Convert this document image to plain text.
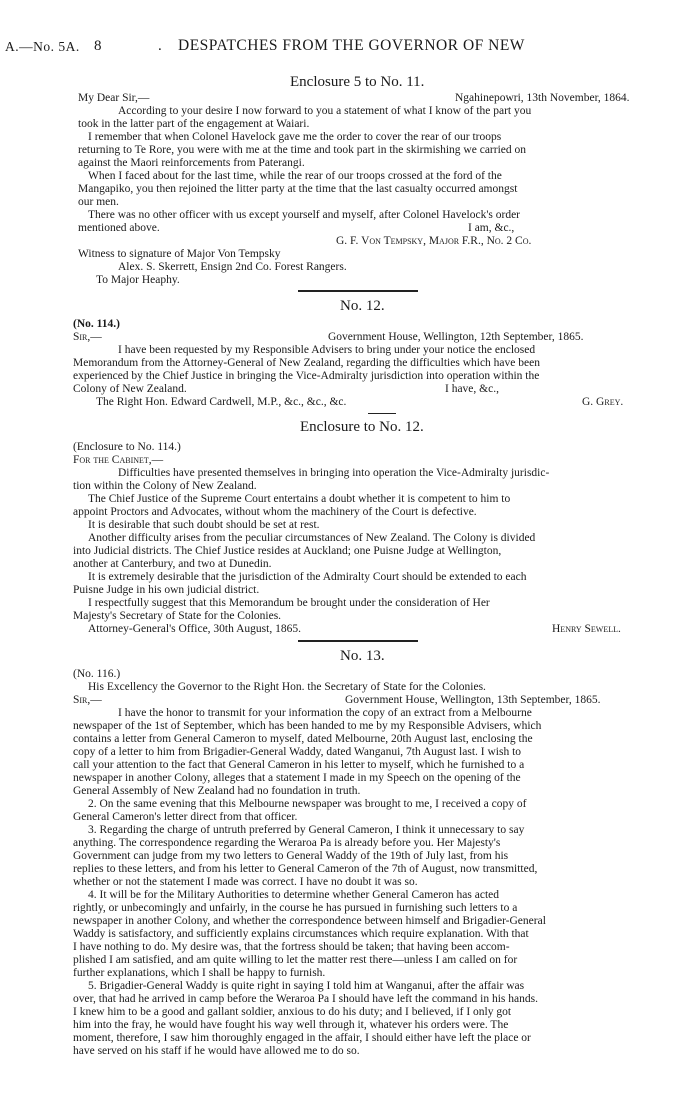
A.—No. 5A. 8	. DESPATCHES FROM THE GOVERNOR OF NEW

Enclosure 5 to No. 11.

My Dear Sir,—	Ngahinepowri, 13th November, 1864.

According to your desire I now forward to you a statement of what I know of the part you

took in the latter part of the engagement at Waiari.

I remember that when Colonel Havelock gave me the order to cover the rear of our troops

returning to Te Rore, you were with me at the time and took part in the skirmishing we carried on

against the Maori reinforcements from Paterangi.

When I faced about for the last time, while the rear of our troops crossed at the ford of the

Mangapiko, you then rejoined the litter party at the time that the last casualty occurred amongst

our men.

There was no other officer with us except yourself and myself, after Colonel Havelock's order

mentioned above.	I am, &c.,

G. F. Von Tempsky, Major F.R., No. 2 Co.

Witness to signature of Major Von Tempsky

Alex. S. Skerrett, Ensign 2nd Co. Forest Rangers.

To Major Heaphy.

No. 12.

(No. 114.)

Sir,—	Government House, Wellington, 12th September, 1865.

I have been requested by my Responsible Advisers to bring under your notice the enclosed

Memorandum from the Attorney-General of New Zealand, regarding the difficulties which have been

experienced by the Chief Justice in bringing the Vice-Admiralty jurisdiction into operation within the

Colony of New Zealand.	I have, &c.,

The Right Hon. Edward Cardwell, M.P., &c., &c., &c.	G. Grey.

Enclosure to No. 12.

(Enclosure to No. 114.)

For the Cabinet,—

Difficulties have presented themselves in bringing into operation the Vice-Admiralty jurisdic-

tion within the Colony of New Zealand.

The Chief Justice of the Supreme Court entertains a doubt whether it is competent to him to

appoint Proctors and Advocates, without whom the machinery of the Court is defective.

It is desirable that such doubt should be set at rest.

Another difficulty arises from the peculiar circumstances of New Zealand. The Colony is divided

into Judicial districts. The Chief Justice resides at Auckland; one Puisne Judge at Wellington,

another at Canterbury, and two at Dunedin.

It is extremely desirable that the jurisdiction of the Admiralty Court should be extended to each

Puisne Judge in his own judicial district.

I respectfully suggest that this Memorandum be brought under the consideration of Her

Majesty's Secretary of State for the Colonies.

Attorney-General's Office, 30th August, 1865.	Henry Sewell.

No. 13.

(No. 116.)

His Excellency the Governor to the Right Hon. the Secretary of State for the Colonies.

Sir,—	Government House, Wellington, 13th September, 1865.

I have the honor to transmit for your information the copy of an extract from a Melbourne

newspaper of the 1st of September, which has been handed to me by my Responsible Advisers, which

contains a letter from General Cameron to myself, dated Melbourne, 20th August last, enclosing the

copy of a letter to him from Brigadier-General Waddy, dated Wanganui, 7th August last. I wish to

call your attention to the fact that General Cameron in his letter to myself, which he furnished to a

newspaper in another Colony, alleges that a statement I made in my Speech on the opening of the

General Assembly of New Zealand had no foundation in truth.

2. On the same evening that this Melbourne newspaper was brought to me, I received a copy of

General Cameron's letter direct from that officer.

3. Regarding the charge of untruth preferred by General Cameron, I think it unnecessary to say

anything. The correspondence regarding the Weraroa Pa is already before you. Her Majesty's

Government can judge from my two letters to General Waddy of the 19th of July last, from his

replies to these letters, and from his letter to General Cameron of the 7th of August, now transmitted,

whether or not the statement I made was correct. I have no doubt it was so.

4. It will be for the Military Authorities to determine whether General Cameron has acted

rightly, or unbecomingly and unfairly, in the course he has pursued in furnishing such letters to a

newspaper in another Colony, and whether the correspondence between himself and Brigadier-General

Waddy is satisfactory, and sufficiently explains circumstances which require explanation. With that

I have nothing to do. My desire was, that the fortress should be taken; that having been accom-

plished I am satisfied, and am quite willing to let the matter rest there—unless I am called on for

further explanations, which I shall be happy to furnish.

5. Brigadier-General Waddy is quite right in saying I told him at Wanganui, after the affair was

over, that had he arrived in camp before the Weraroa Pa I should have left the command in his hands.

I knew him to be a good and gallant soldier, anxious to do his duty; and I believed, if I only got

him into the fray, he would have fought his way well through it, whatever his orders were. The

moment, therefore, I saw him thoroughly engaged in the affair, I should either have left the place or

have served on his staff if he would have allowed me to do so.
